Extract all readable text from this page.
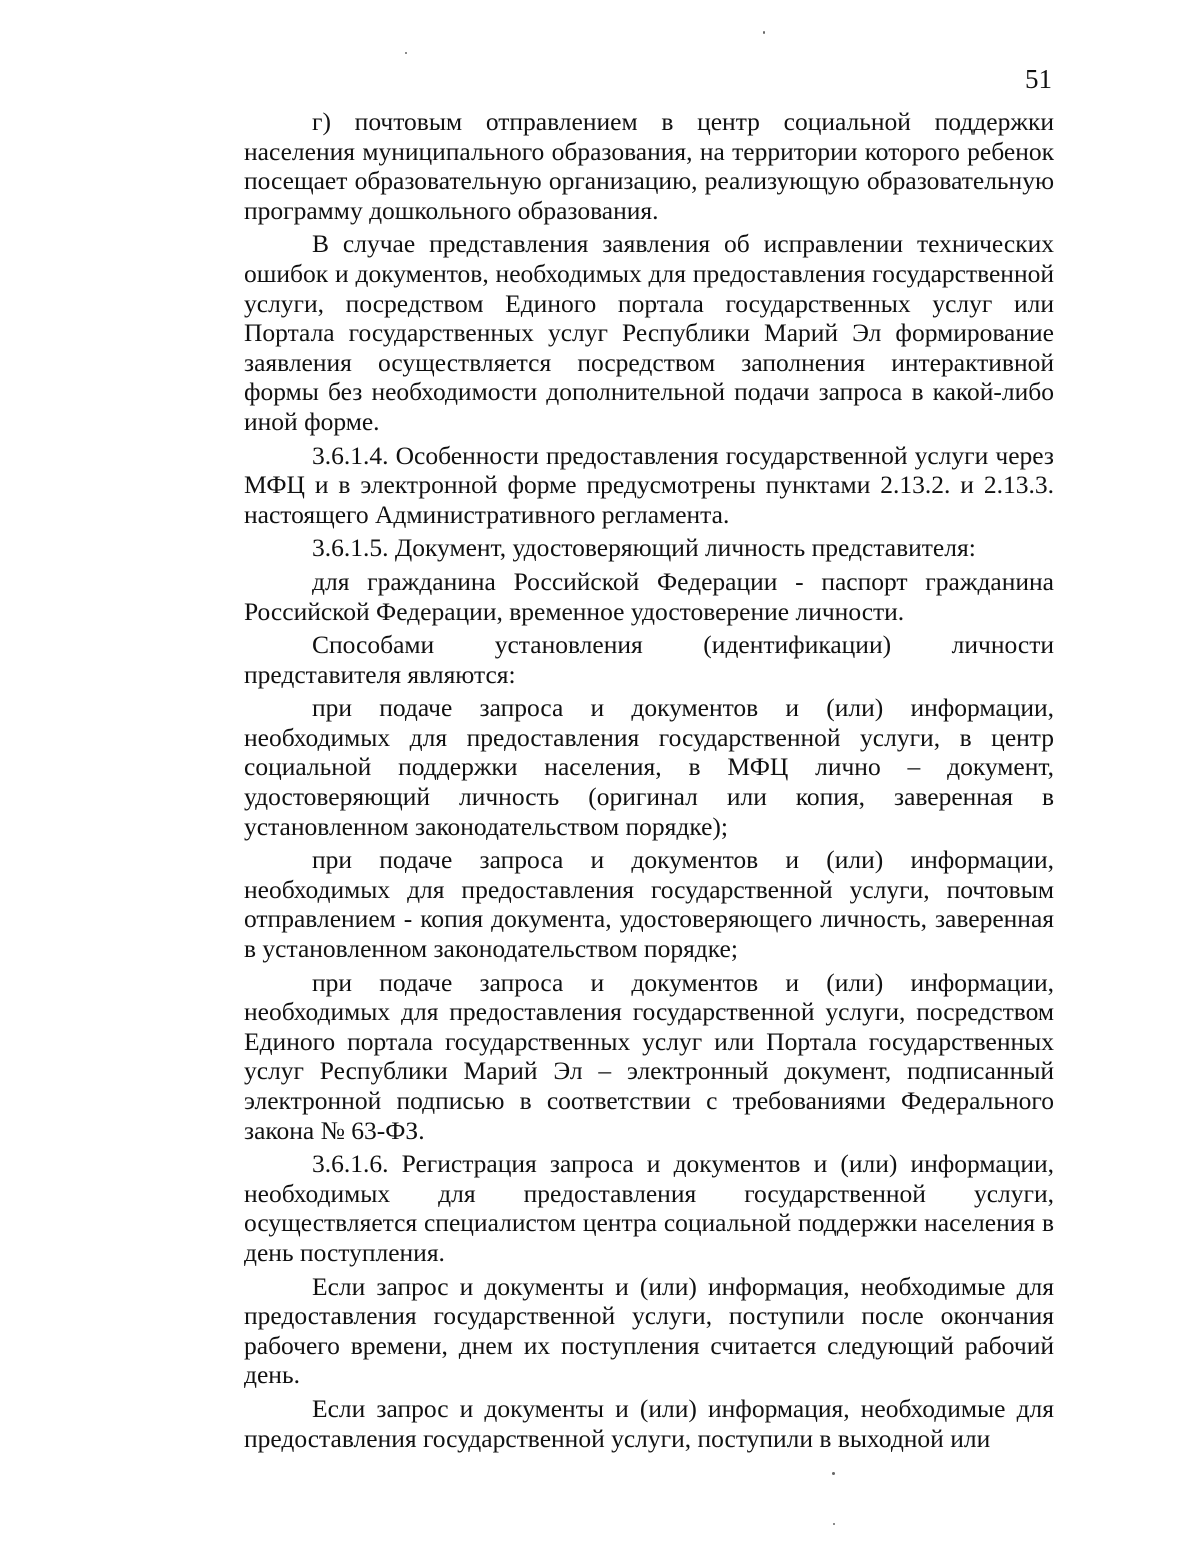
51

г) почтовым отправлением в центр социальной поддержки населения муниципального образования, на территории которого ребенок посещает образовательную организацию, реализующую образовательную программу дошкольного образования.

В случае представления заявления об исправлении технических ошибок и документов, необходимых для предоставления государственной услуги, посредством Единого портала государственных услуг или Портала государственных услуг Республики Марий Эл формирование заявления осуществляется посредством заполнения интерактивной формы без необходимости дополнительной подачи запроса в какой-либо иной форме.

3.6.1.4. Особенности предоставления государственной услуги через МФЦ и в электронной форме предусмотрены пунктами 2.13.2. и 2.13.3. настоящего Административного регламента.

3.6.1.5. Документ, удостоверяющий личность представителя:

для гражданина Российской Федерации - паспорт гражданина Российской Федерации, временное удостоверение личности.

Способами установления (идентификации) личности представителя являются:

при подаче запроса и документов и (или) информации, необходимых для предоставления государственной услуги, в центр социальной поддержки населения, в МФЦ лично – документ, удостоверяющий личность (оригинал или копия, заверенная в установленном законодательством порядке);

при подаче запроса и документов и (или) информации, необходимых для предоставления государственной услуги, почтовым отправлением - копия документа, удостоверяющего личность, заверенная в установленном законодательством порядке;

при подаче запроса и документов и (или) информации, необходимых для предоставления государственной услуги, посредством Единого портала государственных услуг или Портала государственных услуг Республики Марий Эл – электронный документ, подписанный электронной подписью в соответствии с требованиями Федерального закона № 63-ФЗ.

3.6.1.6. Регистрация запроса и документов и (или) информации, необходимых для предоставления государственной услуги, осуществляется специалистом центра социальной поддержки населения в день поступления.

Если запрос и документы и (или) информация, необходимые для предоставления государственной услуги, поступили после окончания рабочего времени, днем их поступления считается следующий рабочий день.

Если запрос и документы и (или) информация, необходимые для предоставления государственной услуги, поступили в выходной или
